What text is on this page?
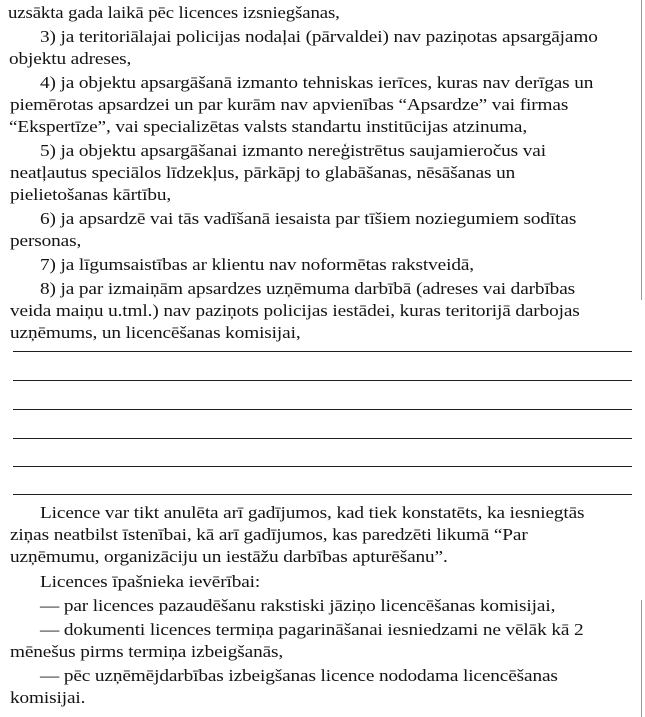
uzsākta gada laikā pēc licences izsniegšanas,
3) ja teritoriālajai policijas nodaļai (pārvaldei) nav paziņotas apsargājamo
objektu adreses,
4) ja objektu apsargāšanā izmanto tehniskas ierīces, kuras nav derīgas un
piemērotas apsardzei un par kurām nav apvienības “Apsardze” vai firmas
“Ekspertīze”, vai specializētas valsts standartu institūcijas atzinuma,
5) ja objektu apsargāšanai izmanto nereģistrētus saujamieročus vai
neatļautus speciālos līdzekļus, pārkāpj to glabāšanas, nēsāšanas un
pielietošanas kārtību,
6) ja apsardzē vai tās vadīšanā iesaista par tīšiem noziegumiem sodītas
personas,
7) ja līgumsaistības ar klientu nav noformētas rakstveidā,
8) ja par izmaiņām apsardzes uzņēmuma darbībā (adreses vai darbības
veida maiņu u.tml.) nav paziņots policijas iestādei, kuras teritorijā darbojas
uzņēmums, un licencēšanas komisijai,
Licence var tikt anulēta arī gadījumos, kad tiek konstatēts, ka iesniegtās
ziņas neatbilst īstenībai, kā arī gadījumos, kas paredzēti likumā “Par
uzņēmumu, organizāciju un iestāžu darbības apturēšanu”.
Licences īpašnieka ievērībai:
— par licences pazaudēšanu rakstiski jāziņo licencēšanas komisijai,
— dokumenti licences termiņa pagarināšanai iesniedzami ne vēlāk kā 2
mēnešus pirms termiņa izbeigšanās,
— pēc uzņēmējdarbības izbeigšanas licence nododama licencēšanas
komisijai.
